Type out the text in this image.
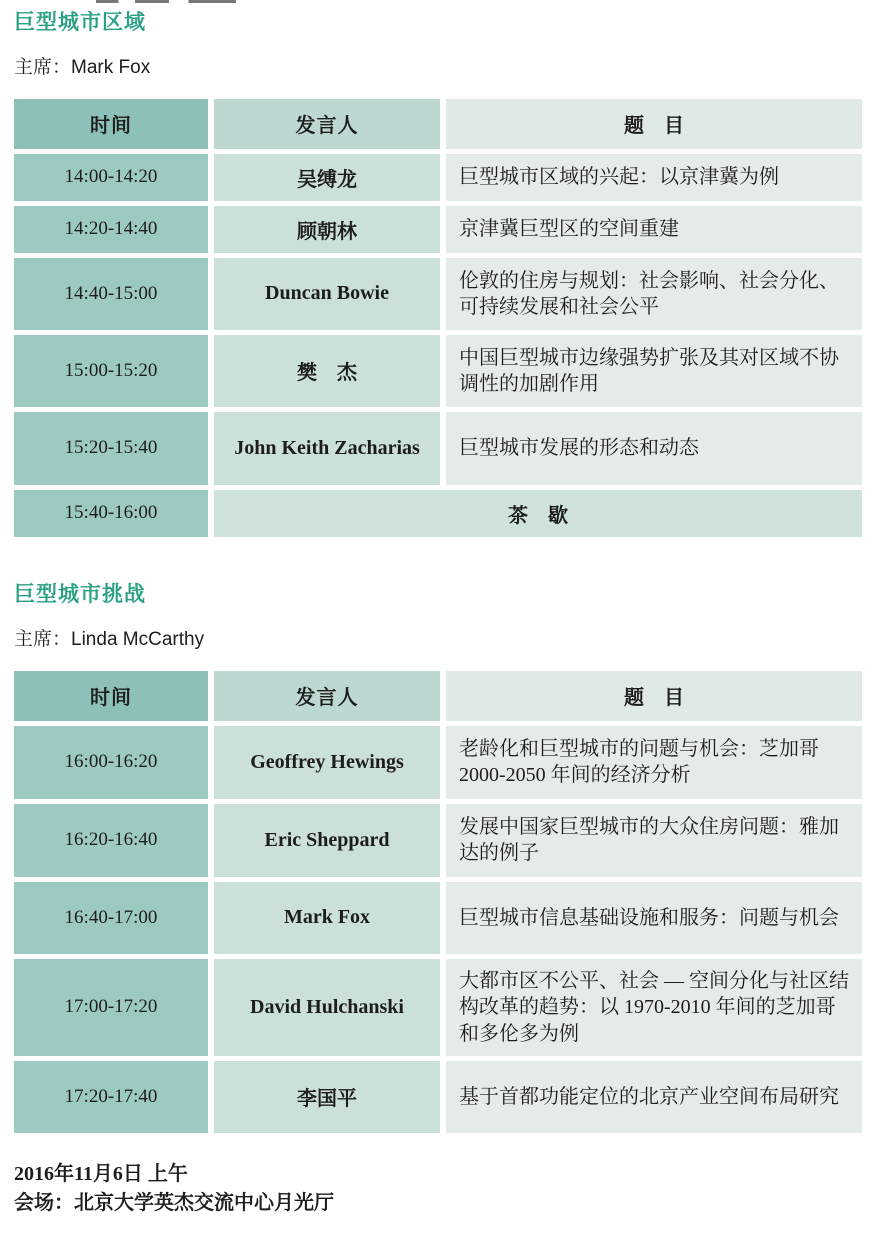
巨型城市区域
主席：Mark Fox
时间	发言人	题　目
14:00-14:20	吴缚龙	巨型城市区域的兴起：以京津冀为例
14:20-14:40	顾朝林	京津冀巨型区的空间重建
14:40-15:00	Duncan Bowie	伦敦的住房与规划：社会影响、社会分化、可持续发展和社会公平
15:00-15:20	樊　杰	中国巨型城市边缘强势扩张及其对区域不协调性的加剧作用
15:20-15:40	John Keith Zacharias	巨型城市发展的形态和动态
15:40-16:00	茶　歇	
巨型城市挑战
主席：Linda McCarthy
时间	发言人	题　目
16:00-16:20	Geoffrey Hewings	老龄化和巨型城市的问题与机会：芝加哥 2000-2050 年间的经济分析
16:20-16:40	Eric Sheppard	发展中国家巨型城市的大众住房问题：雅加达的例子
16:40-17:00	Mark Fox	巨型城市信息基础设施和服务：问题与机会
17:00-17:20	David Hulchanski	大都市区不公平、社会 — 空间分化与社区结构改革的趋势：以 1970-2010 年间的芝加哥和多伦多为例
17:20-17:40	李国平	基于首都功能定位的北京产业空间布局研究
2016年11月6日 上午
会场：北京大学英杰交流中心月光厅
